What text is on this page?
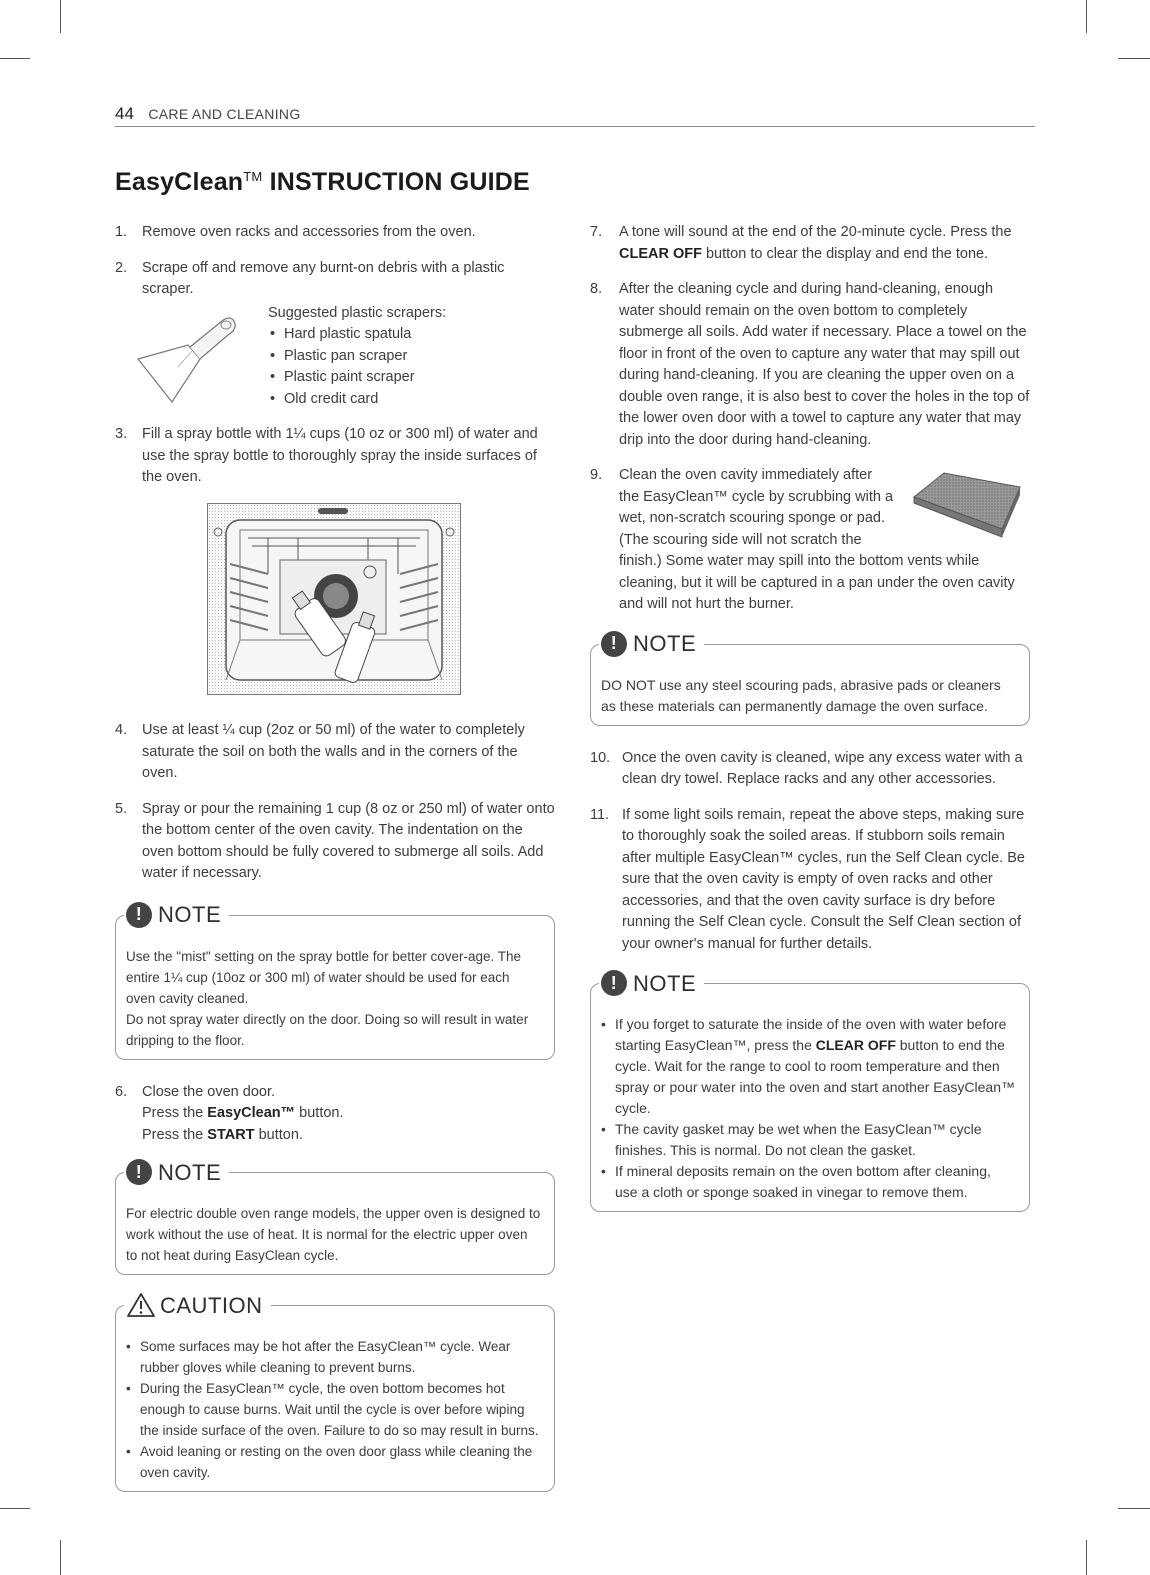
44 CARE AND CLEANING
EasyClean™ INSTRUCTION GUIDE
1. Remove oven racks and accessories from the oven.
2. Scrape off and remove any burnt-on debris with a plastic scraper.
Suggested plastic scrapers:
• Hard plastic spatula
• Plastic pan scraper
• Plastic paint scraper
• Old credit card
3. Fill a spray bottle with 1¼ cups (10 oz or 300 ml) of water and use the spray bottle to thoroughly spray the inside surfaces of the oven.
4. Use at least ¼ cup (2oz or 50 ml) of the water to completely saturate the soil on both the walls and in the corners of the oven.
5. Spray or pour the remaining 1 cup (8 oz or 250 ml) of water onto the bottom center of the oven cavity. The indentation on the oven bottom should be fully covered to submerge all soils. Add water if necessary.
! NOTE

Use the "mist" setting on the spray bottle for better cover-age. The entire 1¼ cup (10oz or 300 ml) of water should be used for each oven cavity cleaned.

Do not spray water directly on the door. Doing so will result in water dripping to the floor.

6. Close the oven door.
Press the EasyClean™ button.
Press the START button.
! NOTE

For electric double oven range models, the upper oven is designed to work without the use of heat. It is normal for the electric upper oven to not heat during EasyClean cycle.

CAUTION
• Some surfaces may be hot after the EasyClean™ cycle. Wear rubber gloves while cleaning to prevent burns.
• During the EasyClean™ cycle, the oven bottom becomes hot enough to cause burns. Wait until the cycle is over before wiping the inside surface of the oven. Failure to do so may result in burns.
• Avoid leaning or resting on the oven door glass while cleaning the oven cavity.
7. A tone will sound at the end of the 20-minute cycle. Press the CLEAR OFF button to clear the display and end the tone.
8. After the cleaning cycle and during hand-cleaning, enough water should remain on the oven bottom to completely submerge all soils. Add water if necessary. Place a towel on the floor in front of the oven to capture any water that may spill out during hand-cleaning. If you are cleaning the upper oven on a double oven range, it is also best to cover the holes in the top of the lower oven door with a towel to capture any water that may drip into the door during hand-cleaning.
9. Clean the oven cavity immediately after the EasyClean™ cycle by scrubbing with a wet, non-scratch scouring sponge or pad. (The scouring side will not scratch the finish.) Some water may spill into the bottom vents while cleaning, but it will be captured in a pan under the oven cavity and will not hurt the burner.
! NOTE

DO NOT use any steel scouring pads, abrasive pads or cleaners as these materials can permanently damage the oven surface.

10. Once the oven cavity is cleaned, wipe any excess water with a clean dry towel. Replace racks and any other accessories.
11. If some light soils remain, repeat the above steps, making sure to thoroughly soak the soiled areas. If stubborn soils remain after multiple EasyClean™ cycles, run the Self Clean cycle. Be sure that the oven cavity is empty of oven racks and other accessories, and that the oven cavity surface is dry before running the Self Clean cycle. Consult the Self Clean section of your owner's manual for further details.
! NOTE
• If you forget to saturate the inside of the oven with water before starting EasyClean™, press the CLEAR OFF button to end the cycle. Wait for the range to cool to room temperature and then spray or pour water into the oven and start another EasyClean™ cycle.
• The cavity gasket may be wet when the EasyClean™ cycle finishes. This is normal. Do not clean the gasket.
• If mineral deposits remain on the oven bottom after cleaning, use a cloth or sponge soaked in vinegar to remove them.
